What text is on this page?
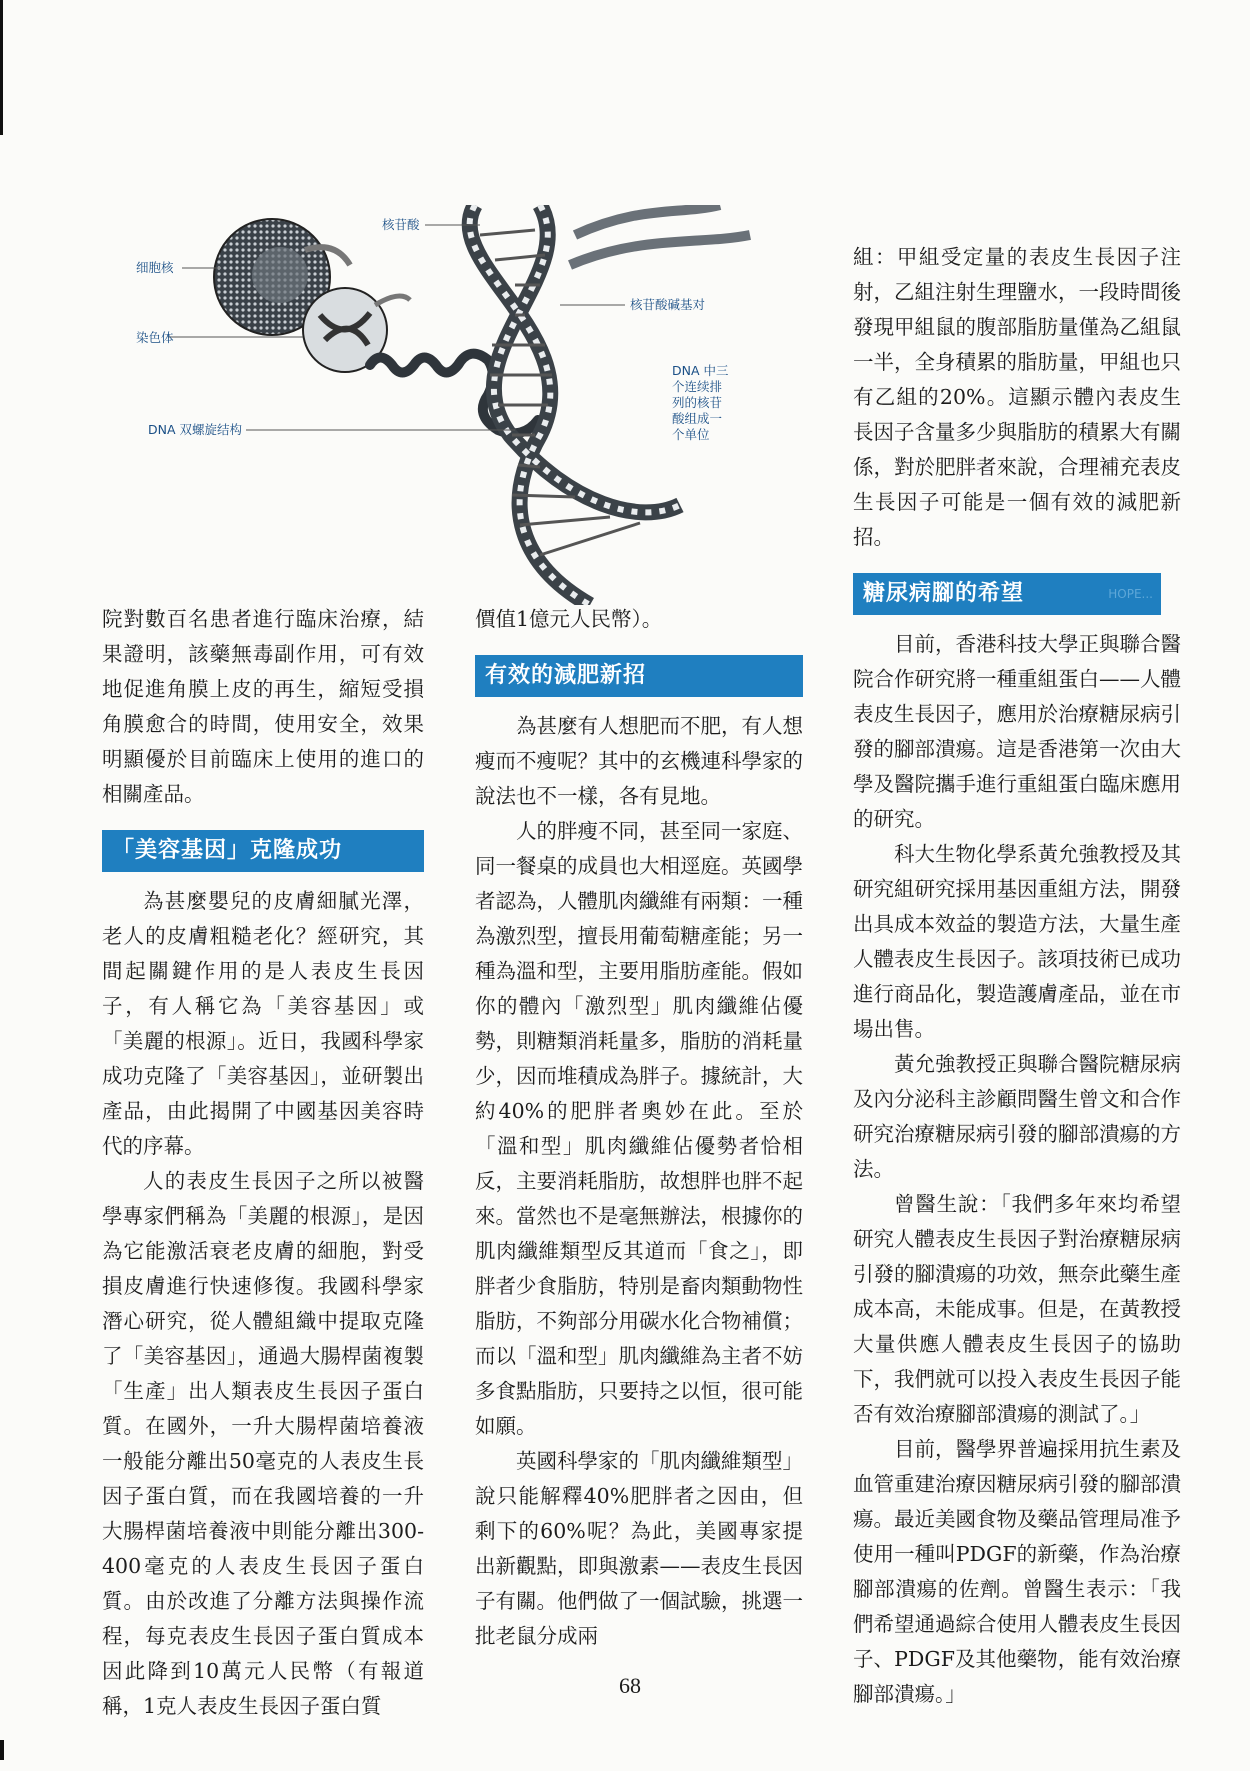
核苷酸
细胞核
染色体
核苷酸碱基对
DNA 中三
个连续排
列的核苷
酸组成一
个单位
DNA 双螺旋结构

院對數百名患者進行臨床治療，結果證明，該藥無毒副作用，可有效地促進角膜上皮的再生，縮短受損角膜愈合的時間，使用安全，效果明顯優於目前臨床上使用的進口的相關產品。

「美容基因」克隆成功

為甚麼嬰兒的皮膚細膩光澤，老人的皮膚粗糙老化？經研究，其間起關鍵作用的是人表皮生長因子，有人稱它為「美容基因」或「美麗的根源」。近日，我國科學家成功克隆了「美容基因」，並研製出產品，由此揭開了中國基因美容時代的序幕。

人的表皮生長因子之所以被醫學專家們稱為「美麗的根源」，是因為它能激活衰老皮膚的細胞，對受損皮膚進行快速修復。我國科學家潛心研究，從人體組織中提取克隆了「美容基因」，通過大腸桿菌複製「生產」出人類表皮生長因子蛋白質。在國外，一升大腸桿菌培養液一般能分離出50毫克的人表皮生長因子蛋白質，而在我國培養的一升大腸桿菌培養液中則能分離出300-400毫克的人表皮生長因子蛋白質。由於改進了分離方法與操作流程，每克表皮生長因子蛋白質成本因此降到10萬元人民幣（有報道稱，1克人表皮生長因子蛋白質

價值1億元人民幣）。

有效的減肥新招

為甚麼有人想肥而不肥，有人想瘦而不瘦呢？其中的玄機連科學家的說法也不一樣，各有見地。

人的胖瘦不同，甚至同一家庭、同一餐桌的成員也大相逕庭。英國學者認為，人體肌肉纖維有兩類：一種為激烈型，擅長用葡萄糖產能；另一種為溫和型，主要用脂肪產能。假如你的體內「激烈型」肌肉纖維佔優勢，則糖類消耗量多，脂肪的消耗量少，因而堆積成為胖子。據統計，大約40%的肥胖者奧妙在此。至於「溫和型」肌肉纖維佔優勢者恰相反，主要消耗脂肪，故想胖也胖不起來。當然也不是毫無辦法，根據你的肌肉纖維類型反其道而「食之」，即胖者少食脂肪，特別是畜肉類動物性脂肪，不夠部分用碳水化合物補償；而以「溫和型」肌肉纖維為主者不妨多食點脂肪，只要持之以恒，很可能如願。

英國科學家的「肌肉纖維類型」說只能解釋40%肥胖者之因由，但剩下的60%呢？為此，美國專家提出新觀點，即與激素——表皮生長因子有關。他們做了一個試驗，挑選一批老鼠分成兩

組：甲組受定量的表皮生長因子注射，乙組注射生理鹽水，一段時間後發現甲組鼠的腹部脂肪量僅為乙組鼠一半，全身積累的脂肪量，甲組也只有乙組的20%。這顯示體內表皮生長因子含量多少與脂肪的積累大有關係，對於肥胖者來說，合理補充表皮生長因子可能是一個有效的減肥新招。

糖尿病腳的希望	HOPE...

目前，香港科技大學正與聯合醫院合作研究將一種重組蛋白——人體表皮生長因子，應用於治療糖尿病引發的腳部潰瘍。這是香港第一次由大學及醫院攜手進行重組蛋白臨床應用的研究。

科大生物化學系黃允強教授及其研究組研究採用基因重組方法，開發出具成本效益的製造方法，大量生產人體表皮生長因子。該項技術已成功進行商品化，製造護膚產品，並在市場出售。

黃允強教授正與聯合醫院糖尿病及內分泌科主診顧問醫生曾文和合作研究治療糖尿病引發的腳部潰瘍的方法。

曾醫生說：「我們多年來均希望研究人體表皮生長因子對治療糖尿病引發的腳潰瘍的功效，無奈此藥生產成本高，未能成事。但是，在黃教授大量供應人體表皮生長因子的協助下，我們就可以投入表皮生長因子能否有效治療腳部潰瘍的測試了。」

目前，醫學界普遍採用抗生素及血管重建治療因糖尿病引發的腳部潰瘍。最近美國食物及藥品管理局准予使用一種叫PDGF的新藥，作為治療腳部潰瘍的佐劑。曾醫生表示：「我們希望通過綜合使用人體表皮生長因子、PDGF及其他藥物，能有效治療腳部潰瘍。」

68
